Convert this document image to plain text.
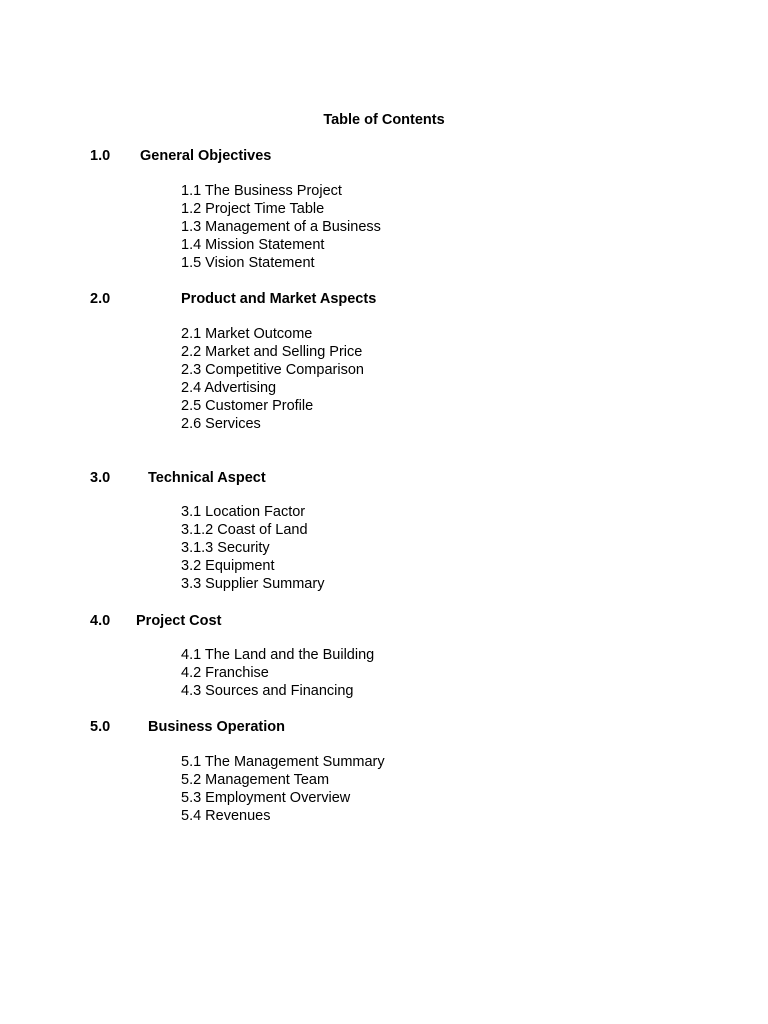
Table of Contents
1.0 General Objectives
1.1 The Business Project
1.2 Project Time Table
1.3 Management of a Business
1.4 Mission Statement
1.5 Vision Statement
2.0	Product and Market Aspects
2.1 Market Outcome
2.2 Market and Selling Price
2.3 Competitive Comparison
2.4 Advertising
2.5 Customer Profile
2.6 Services
3.0	Technical Aspect
3.1 Location Factor
3.1.2 Coast of Land
3.1.3 Security
3.2 Equipment
3.3 Supplier Summary
4.0 Project Cost
4.1 The Land and the Building
4.2 Franchise
4.3 Sources and Financing
5.0	Business Operation
5.1 The Management Summary
5.2 Management Team
5.3 Employment Overview
5.4 Revenues
